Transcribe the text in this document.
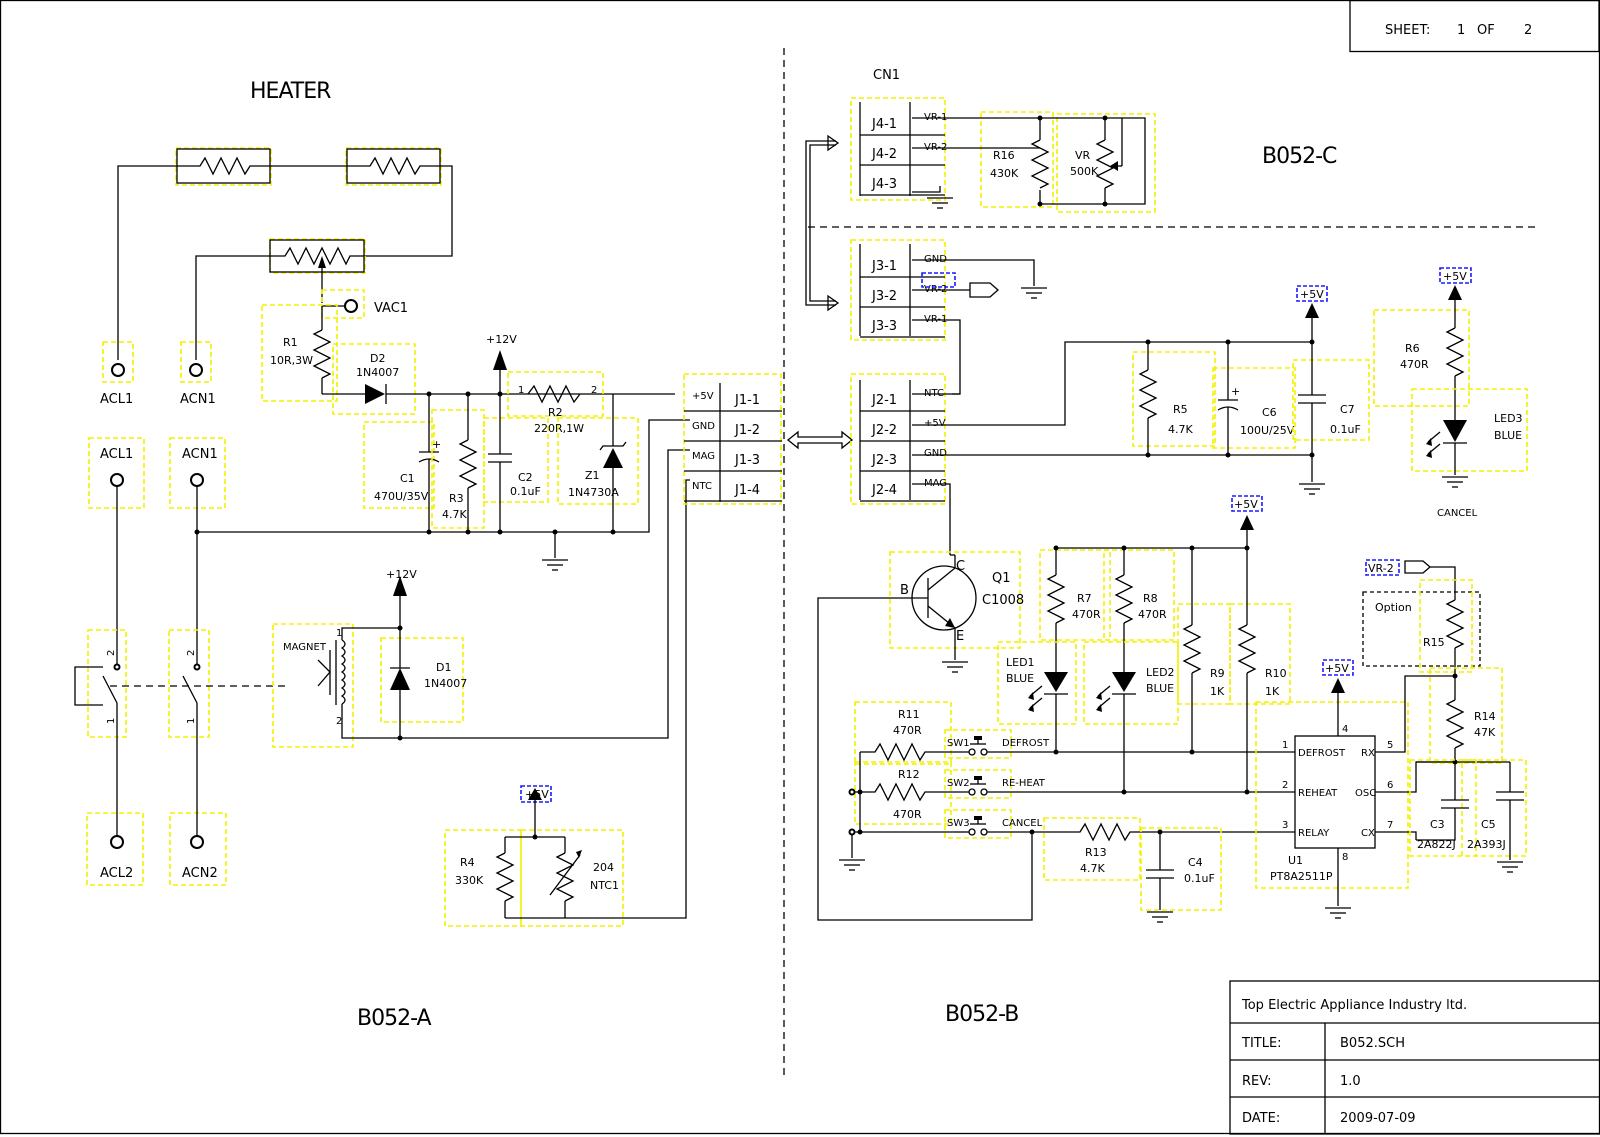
SHEET: 1 OF 2
HEATER
B052-A	B052-B
B052-C
CN1
Top Electric Appliance Industry ltd.
TITLE:	B052.SCH
REV:	1.0
DATE:	2009-07-09
VAC1
ACL1	ACN1
ACL1	ACN1
ACL2	ACN2
2
1
2
1
R1
10R,3W	D2
1N4007
+12V
+
C1
470U/35V R3
4.7K
C2
0.1uF
1	2
R2
220R,1W
Z1
1N4730A
MAGNET
1
2
+12V
D1
1N4007
+5V
R4
330K
204
NTC1
J1-1
+5V
J1-2
GND
J1-3
MAG
J1-4
NTC
J4-1	VR-1
J4-2	VR-2
J4-3
R16
430K
VR
500K
J3-1	GND
J3-2	VR-2
J3-3	VR-1
J2-1	NTC
J2-2	+5V
J2-3	GND
J2-4	MAG
R5
4.7K
+
C6
100U/25V
C7
0.1uF
+5V
+5V
R6
470R
LED3
BLUE
CANCEL
C
B
E
Q1
C1008
+5V
R7
470R
R8
470R
LED1
BLUE	LED2
BLUE
R9
1K
R10
1K
R11
470R
R12
470R
SW1	DEFROST
SW2	RE-HEAT
SW3	CANCEL
R13
4.7K	C4
0.1uF
DEFROST
REHEAT
RELAY
RX
OSC
CX
1
2
3
4
5
6
7
8
+5V
U1
PT8A2511P
VR-2
Option
R15
R14
47K
C3
2A822J
C5
2A393J
